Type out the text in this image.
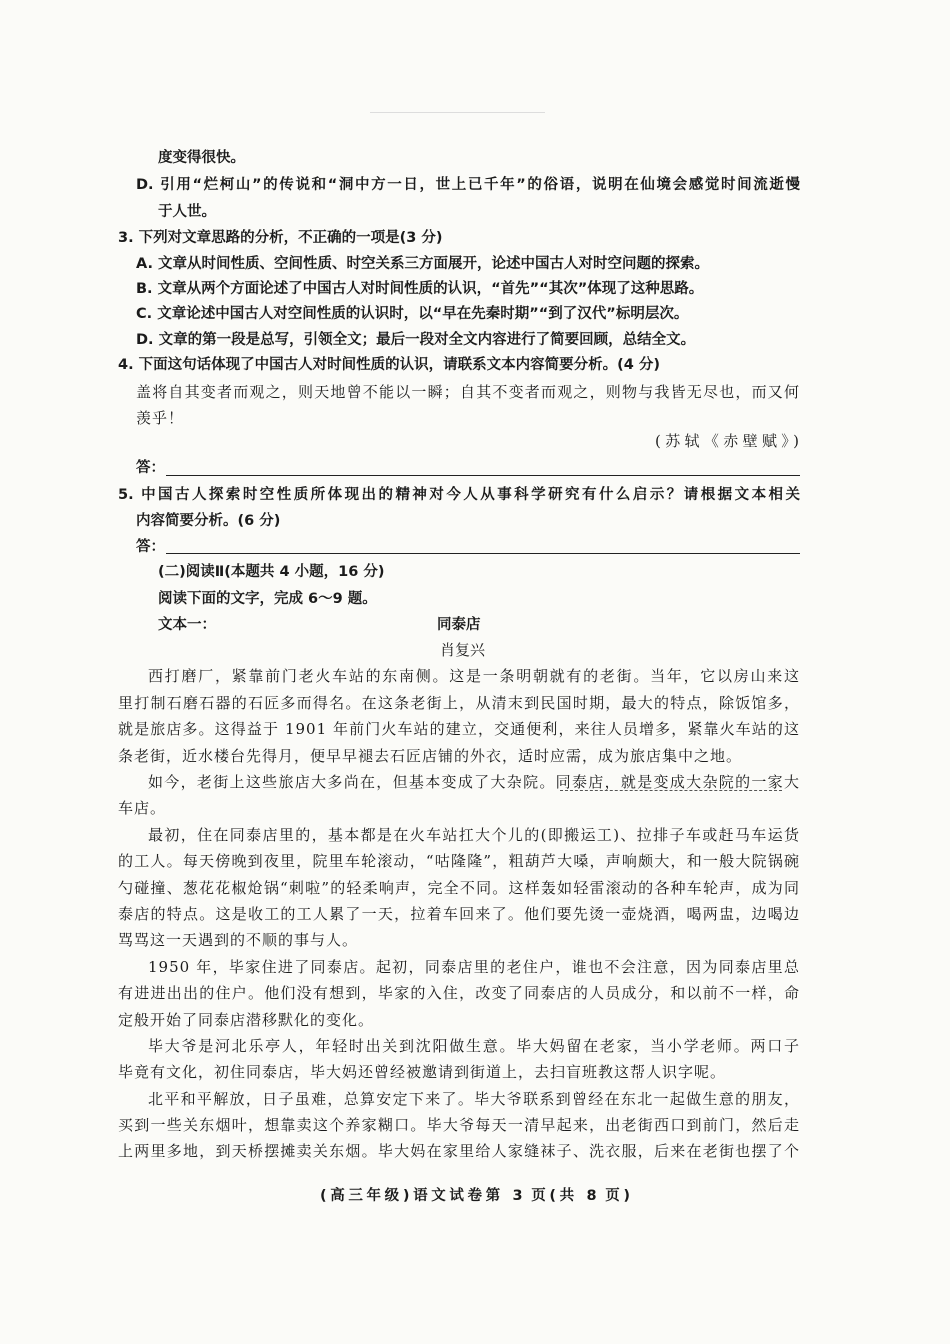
度变得很快。
D. 引用“烂柯山”的传说和“洞中方一日，世上已千年”的俗语，说明在仙境会感觉时间流逝慢
于人世。
3. 下列对文章思路的分析，不正确的一项是(3 分)
A. 文章从时间性质、空间性质、时空关系三方面展开，论述中国古人对时空问题的探索。
B. 文章从两个方面论述了中国古人对时间性质的认识，“首先”“其次”体现了这种思路。
C. 文章论述中国古人对空间性质的认识时，以“早在先秦时期”“到了汉代”标明层次。
D. 文章的第一段是总写，引领全文；最后一段对全文内容进行了简要回顾，总结全文。
4. 下面这句话体现了中国古人对时间性质的认识，请联系文本内容简要分析。(4 分)
盖将自其变者而观之，则天地曾不能以一瞬；自其不变者而观之，则物与我皆无尽也，而又何
羡乎！
(苏轼《赤壁赋》)
答：
5. 中国古人探索时空性质所体现出的精神对今人从事科学研究有什么启示？请根据文本相关
内容简要分析。(6 分)
答：
(二)阅读Ⅱ(本题共 4 小题，16 分)
阅读下面的文字，完成 6～9 题。
文本一：	同泰店
肖复兴
(高三年级)语文试卷第 3 页(共 8 页)
西打磨厂，紧靠前门老火车站的东南侧。这是一条明朝就有的老街。当年，它以房山来这
里打制石磨石器的石匠多而得名。在这条老街上，从清末到民国时期，最大的特点，除饭馆多，
就是旅店多。这得益于 1901 年前门火车站的建立，交通便利，来往人员增多，紧靠火车站的这
条老街，近水楼台先得月，便早早褪去石匠店铺的外衣，适时应需，成为旅店集中之地。
如今，老街上这些旅店大多尚在，但基本变成了大杂院。同泰店，就是变成大杂院的一家大
车店。
最初，住在同泰店里的，基本都是在火车站扛大个儿的(即搬运工)、拉排子车或赶马车运货
的工人。每天傍晚到夜里，院里车轮滚动，“咕隆隆”，粗葫芦大嗓，声响颇大，和一般大院锅碗
勺碰撞、葱花花椒炝锅“刺啦”的轻柔响声，完全不同。这样轰如轻雷滚动的各种车轮声，成为同
泰店的特点。这是收工的工人累了一天，拉着车回来了。他们要先烫一壶烧酒，喝两盅，边喝边
骂骂这一天遇到的不顺的事与人。
1950 年，毕家住进了同泰店。起初，同泰店里的老住户，谁也不会注意，因为同泰店里总
有进进出出的住户。他们没有想到，毕家的入住，改变了同泰店的人员成分，和以前不一样，命
定般开始了同泰店潜移默化的变化。
毕大爷是河北乐亭人，年轻时出关到沈阳做生意。毕大妈留在老家，当小学老师。两口子
毕竟有文化，初住同泰店，毕大妈还曾经被邀请到街道上，去扫盲班教这帮人识字呢。
北平和平解放，日子虽难，总算安定下来了。毕大爷联系到曾经在东北一起做生意的朋友，
买到一些关东烟叶，想靠卖这个养家糊口。毕大爷每天一清早起来，出老街西口到前门，然后走
上两里多地，到天桥摆摊卖关东烟。毕大妈在家里给人家缝袜子、洗衣服，后来在老街也摆了个
